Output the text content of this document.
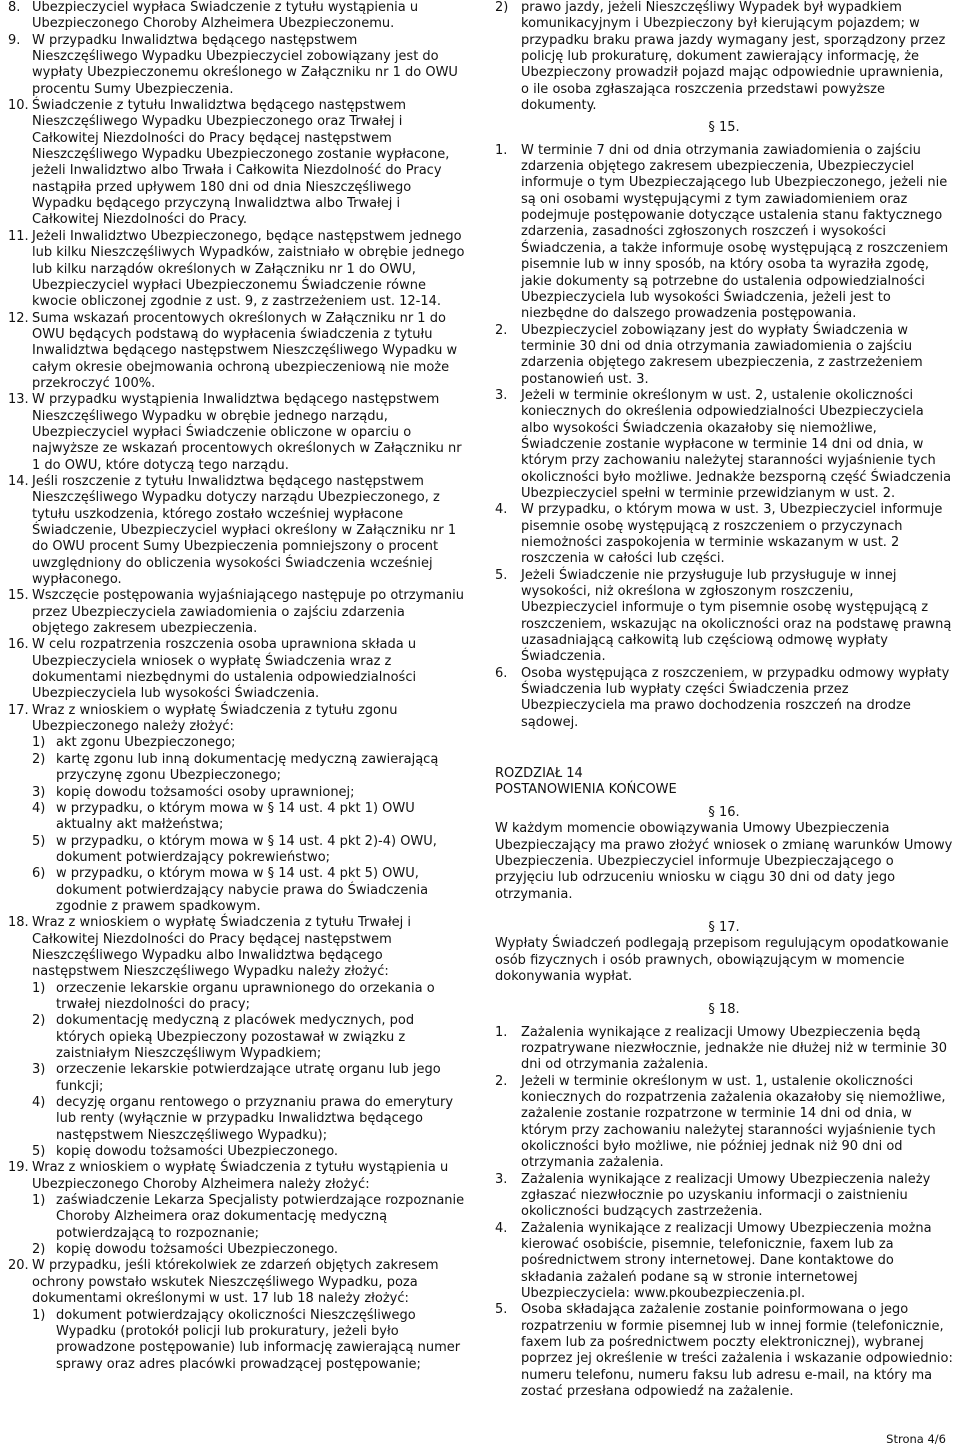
8. Ubezpieczyciel wypłaca Świadczenie z tytułu wystąpienia u Ubezpieczonego Choroby Alzheimera Ubezpieczonemu.
9. W przypadku Inwalidztwa będącego następstwem Nieszczęśliwego Wypadku Ubezpieczyciel zobowiązany jest do wypłaty Ubezpieczonemu określonego w Załączniku nr 1 do OWU procentu Sumy Ubezpieczenia.
10. Świadczenie z tytułu Inwalidztwa będącego następstwem Nieszczęśliwego Wypadku Ubezpieczonego oraz Trwałej i Całkowitej Niezdolności do Pracy będącej następstwem Nieszczęśliwego Wypadku Ubezpieczonego zostanie wypłacone, jeżeli Inwalidztwo albo Trwała i Całkowita Niezdolność do Pracy nastąpiła przed upływem 180 dni od dnia Nieszczęśliwego Wypadku będącego przyczyną Inwalidztwa albo Trwałej i Całkowitej Niezdolności do Pracy.
11. Jeżeli Inwalidztwo Ubezpieczonego, będące następstwem jednego lub kilku Nieszczęśliwych Wypadków, zaistniało w obrębie jednego lub kilku narządów określonych w Załączniku nr 1 do OWU, Ubezpieczyciel wypłaci Ubezpieczonemu Świadczenie równe kwocie obliczonej zgodnie z ust. 9, z zastrzeżeniem ust. 12-14.
12. Suma wskazań procentowych określonych w Załączniku nr 1 do OWU będących podstawą do wypłacenia świadczenia z tytułu Inwalidztwa będącego następstwem Nieszczęśliwego Wypadku w całym okresie obejmowania ochroną ubezpieczeniową nie może przekroczyć 100%.
13. W przypadku wystąpienia Inwalidztwa będącego następstwem Nieszczęśliwego Wypadku w obrębie jednego narządu, Ubezpieczyciel wypłaci Świadczenie obliczone w oparciu o najwyższe ze wskazań procentowych określonych w Załączniku nr 1 do OWU, które dotyczą tego narządu.
14. Jeśli roszczenie z tytułu Inwalidztwa będącego następstwem Nieszczęśliwego Wypadku dotyczy narządu Ubezpieczonego, z tytułu uszkodzenia, którego zostało wcześniej wypłacone Świadczenie, Ubezpieczyciel wypłaci określony w Załączniku nr 1 do OWU procent Sumy Ubezpieczenia pomniejszony o procent uwzględniony do obliczenia wysokości Świadczenia wcześniej wypłaconego.
15. Wszczęcie postępowania wyjaśniającego następuje po otrzymaniu przez Ubezpieczyciela zawiadomienia o zajściu zdarzenia objętego zakresem ubezpieczenia.
16. W celu rozpatrzenia roszczenia osoba uprawniona składa u Ubezpieczyciela wniosek o wypłatę Świadczenia wraz z dokumentami niezbędnymi do ustalenia odpowiedzialności Ubezpieczyciela lub wysokości Świadczenia.
17. Wraz z wnioskiem o wypłatę Świadczenia z tytułu zgonu Ubezpieczonego należy złożyć:
1) akt zgonu Ubezpieczonego;
2) kartę zgonu lub inną dokumentację medyczną zawierającą przyczynę zgonu Ubezpieczonego;
3) kopię dowodu tożsamości osoby uprawnionej;
4) w przypadku, o którym mowa w § 14 ust. 4 pkt 1) OWU aktualny akt małżeństwa;
5) w przypadku, o którym mowa w § 14 ust. 4 pkt 2)-4) OWU, dokument potwierdzający pokrewieństwo;
6) w przypadku, o którym mowa w § 14 ust. 4 pkt 5) OWU, dokument potwierdzający nabycie prawa do Świadczenia zgodnie z prawem spadkowym.
18. Wraz z wnioskiem o wypłatę Świadczenia z tytułu Trwałej i Całkowitej Niezdolności do Pracy będącej następstwem Nieszczęśliwego Wypadku albo Inwalidztwa będącego następstwem Nieszczęśliwego Wypadku należy złożyć:
1) orzeczenie lekarskie organu uprawnionego do orzekania o trwałej niezdolności do pracy;
2) dokumentację medyczną z placówek medycznych, pod których opieką Ubezpieczony pozostawał w związku z zaistniałym Nieszczęśliwym Wypadkiem;
3) orzeczenie lekarskie potwierdzające utratę organu lub jego funkcji;
4) decyzję organu rentowego o przyznaniu prawa do emerytury lub renty (wyłącznie w przypadku Inwalidztwa będącego następstwem Nieszczęśliwego Wypadku);
5) kopię dowodu tożsamości Ubezpieczonego.
19. Wraz z wnioskiem o wypłatę Świadczenia z tytułu wystąpienia u Ubezpieczonego Choroby Alzheimera należy złożyć:
1) zaświadczenie Lekarza Specjalisty potwierdzające rozpoznanie Choroby Alzheimera oraz dokumentację medyczną potwierdzającą to rozpoznanie;
2) kopię dowodu tożsamości Ubezpieczonego.
20. W przypadku, jeśli którekolwiek ze zdarzeń objętych zakresem ochrony powstało wskutek Nieszczęśliwego Wypadku, poza dokumentami określonymi w ust. 17 lub 18 należy złożyć:
1) dokument potwierdzający okoliczności Nieszczęśliwego Wypadku (protokół policji lub prokuratury, jeżeli było prowadzone postępowanie) lub informację zawierającą numer sprawy oraz adres placówki prowadzącej postępowanie;
2) prawo jazdy, jeżeli Nieszczęśliwy Wypadek był wypadkiem komunikacyjnym i Ubezpieczony był kierującym pojazdem; w przypadku braku prawa jazdy wymagany jest, sporządzony przez policję lub prokuraturę, dokument zawierający informację, że Ubezpieczony prowadził pojazd mając odpowiednie uprawnienia, o ile osoba zgłaszająca roszczenia przedstawi powyższe dokumenty.

§ 15.

1.	W terminie 7 dni od dnia otrzymania zawiadomienia o zajściu zdarzenia objętego zakresem ubezpieczenia, Ubezpieczyciel informuje o tym Ubezpieczającego lub Ubezpieczonego, jeżeli nie są oni osobami występującymi z tym zawiadomieniem oraz podejmuje postępowanie dotyczące ustalenia stanu faktycznego zdarzenia, zasadności zgłoszonych roszczeń i wysokości Świadczenia, a także informuje osobę występującą z roszczeniem pisemnie lub w inny sposób, na który osoba ta wyraziła zgodę, jakie dokumenty są potrzebne do ustalenia odpowiedzialności Ubezpieczyciela lub wysokości Świadczenia, jeżeli jest to niezbędne do dalszego prowadzenia postępowania.
2.	Ubezpieczyciel zobowiązany jest do wypłaty Świadczenia w terminie 30 dni od dnia otrzymania zawiadomienia o zajściu zdarzenia objętego zakresem ubezpieczenia, z zastrzeżeniem postanowień ust. 3.
3.	Jeżeli w terminie określonym w ust. 2, ustalenie okoliczności koniecznych do określenia odpowiedzialności Ubezpieczyciela albo wysokości Świadczenia okazałoby się niemożliwe, Świadczenie zostanie wypłacone w terminie 14 dni od dnia, w którym przy zachowaniu należytej staranności wyjaśnienie tych okoliczności było możliwe. Jednakże bezsporną część Świadczenia Ubezpieczyciel spełni w terminie przewidzianym w ust. 2.
4.	W przypadku, o którym mowa w ust. 3, Ubezpieczyciel informuje pisemnie osobę występującą z roszczeniem o przyczynach niemożności zaspokojenia w terminie wskazanym w ust. 2 roszczenia w całości lub części.
5.	Jeżeli Świadczenie nie przysługuje lub przysługuje w innej wysokości, niż określona w zgłoszonym roszczeniu, Ubezpieczyciel informuje o tym pisemnie osobę występującą z roszczeniem, wskazując na okoliczności oraz na podstawę prawną uzasadniającą całkowitą lub częściową odmowę wypłaty Świadczenia.
6.	Osoba występująca z roszczeniem, w przypadku odmowy wypłaty Świadczenia lub wypłaty części Świadczenia przez Ubezpieczyciela ma prawo dochodzenia roszczeń na drodze sądowej.

ROZDZIAŁ 14

POSTANOWIENIA KOŃCOWE

§ 16.

W każdym momencie obowiązywania Umowy Ubezpieczenia Ubezpieczający ma prawo złożyć wniosek o zmianę warunków Umowy Ubezpieczenia. Ubezpieczyciel informuje Ubezpieczającego o przyjęciu lub odrzuceniu wniosku w ciągu 30 dni od daty jego otrzymania.

§ 17.

Wypłaty Świadczeń podlegają przepisom regulującym opodatkowanie osób fizycznych i osób prawnych, obowiązującym w momencie dokonywania wypłat.

§ 18.

1.	Zażalenia wynikające z realizacji Umowy Ubezpieczenia będą rozpatrywane niezwłocznie, jednakże nie dłużej niż w terminie 30 dni od otrzymania zażalenia.
2.	Jeżeli w terminie określonym w ust. 1, ustalenie okoliczności koniecznych do rozpatrzenia zażalenia okazałoby się niemożliwe, zażalenie zostanie rozpatrzone w terminie 14 dni od dnia, w którym przy zachowaniu należytej staranności wyjaśnienie tych okoliczności było możliwe, nie później jednak niż 90 dni od otrzymania zażalenia.
3.	Zażalenia wynikające z realizacji Umowy Ubezpieczenia należy zgłaszać niezwłocznie po uzyskaniu informacji o zaistnieniu okoliczności budzących zastrzeżenia.
4.	Zażalenia wynikające z realizacji Umowy Ubezpieczenia można kierować osobiście, pisemnie, telefonicznie, faxem lub za pośrednictwem strony internetowej. Dane kontaktowe do składania zażaleń podane są w stronie internetowej Ubezpieczyciela: www.pkoubezpieczenia.pl.
5.	Osoba składająca zażalenie zostanie poinformowana o jego rozpatrzeniu w formie pisemnej lub w innej formie (telefonicznie, faxem lub za pośrednictwem poczty elektronicznej), wybranej poprzez jej określenie w treści zażalenia i wskazanie odpowiednio: numeru telefonu, numeru faksu lub adresu e-mail, na który ma zostać przesłana odpowiedź na zażalenie.
Strona 4/6
